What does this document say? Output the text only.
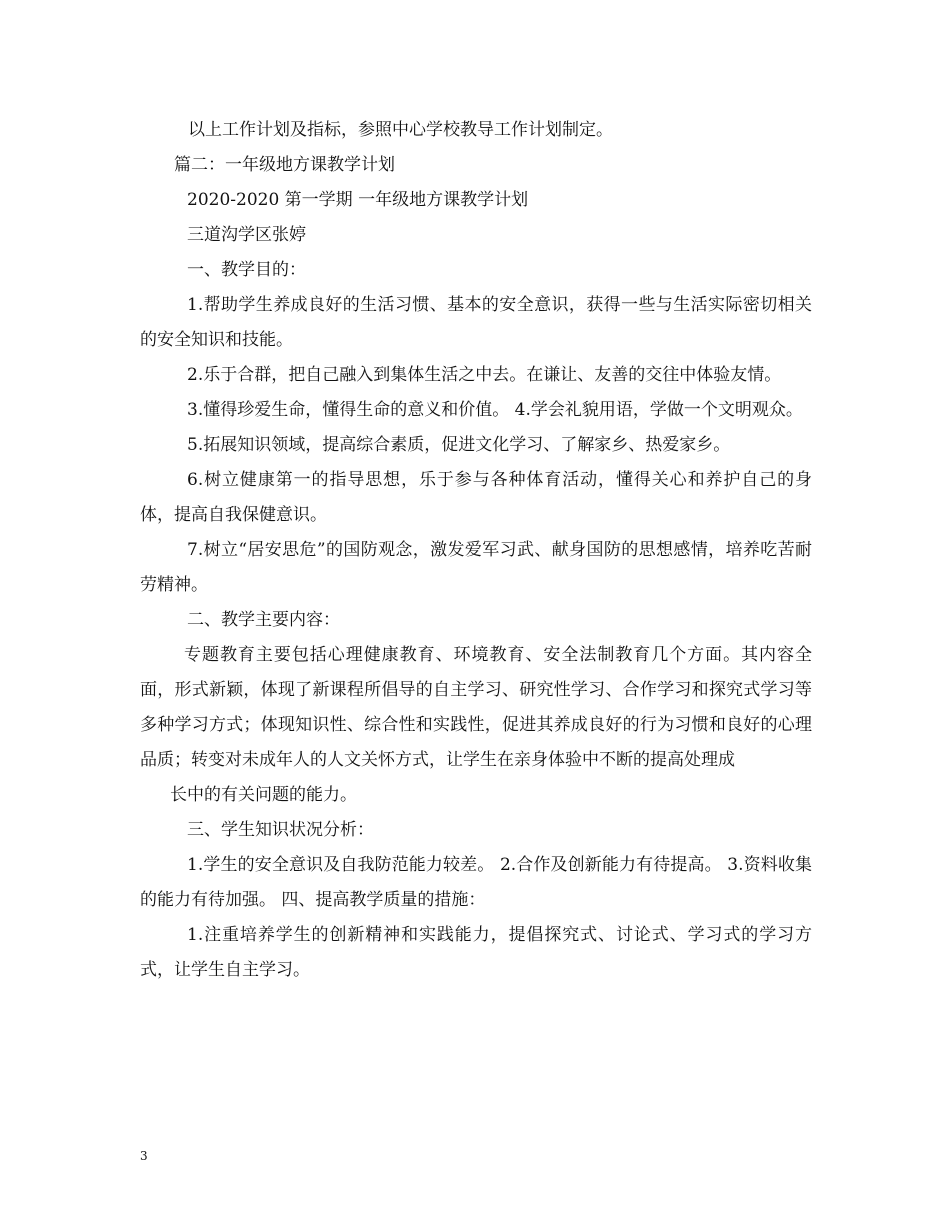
以上工作计划及指标，参照中心学校教导工作计划制定。

篇二：一年级地方课教学计划

2020-2020 第一学期 一年级地方课教学计划

三道沟学区张婷

一、教学目的：

1.帮助学生养成良好的生活习惯、基本的安全意识，获得一些与生活实际密切相关的安全知识和技能。

2.乐于合群，把自己融入到集体生活之中去。在谦让、友善的交往中体验友情。

3.懂得珍爱生命，懂得生命的意义和价值。 4.学会礼貌用语，学做一个文明观众。

5.拓展知识领域，提高综合素质，促进文化学习、了解家乡、热爱家乡。

6.树立健康第一的指导思想，乐于参与各种体育活动，懂得关心和养护自己的身体，提高自我保健意识。

7.树立“居安思危”的国防观念，激发爱军习武、献身国防的思想感情，培养吃苦耐劳精神。

二、教学主要内容：

专题教育主要包括心理健康教育、环境教育、安全法制教育几个方面。其内容全面，形式新颖，体现了新课程所倡导的自主学习、研究性学习、合作学习和探究式学习等多种学习方式；体现知识性、综合性和实践性，促进其养成良好的行为习惯和良好的心理品质；转变对未成年人的人文关怀方式，让学生在亲身体验中不断的提高处理成

长中的有关问题的能力。

三、学生知识状况分析：

1.学生的安全意识及自我防范能力较差。 2.合作及创新能力有待提高。 3.资料收集的能力有待加强。 四、提高教学质量的措施：

1.注重培养学生的创新精神和实践能力，提倡探究式、讨论式、学习式的学习方式，让学生自主学习。

3
